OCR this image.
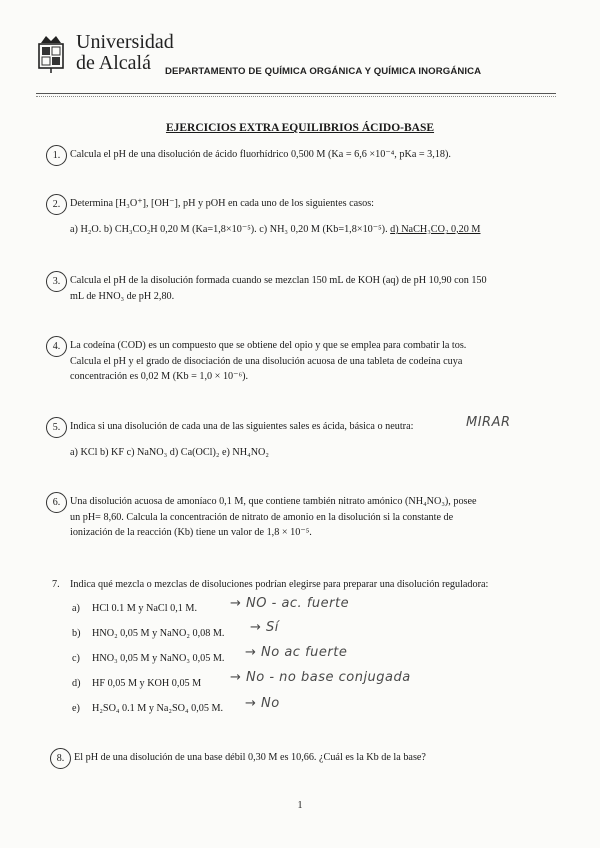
Universidad
de Alcalá	DEPARTAMENTO DE QUÍMICA ORGÁNICA Y QUÍMICA INORGÁNICA
EJERCICIOS EXTRA EQUILIBRIOS ÁCIDO-BASE
1. Calcula el pH de una disolución de ácido fluorhídrico 0,500 M (Ka = 6,6 ×10⁻⁴, pKa = 3,18).
2. Determina [H₃O⁺], [OH⁻], pH y pOH en cada uno de los siguientes casos:
a) H₂O. b) CH₃CO₂H 0,20 M (Ka=1,8×10⁻⁵). c) NH₃ 0,20 M (Kb=1,8×10⁻⁵). d) NaCH₃CO₂ 0,20 M
3. Calcula el pH de la disolución formada cuando se mezclan 150 mL de KOH (aq) de pH 10,90 con 150
mL de HNO₃ de pH 2,80.
4. La codeína (COD) es un compuesto que se obtiene del opio y que se emplea para combatir la tos.
Calcula el pH y el grado de disociación de una disolución acuosa de una tableta de codeína cuya
concentración es 0,02 M (Kb = 1,0 × 10⁻⁶).
5. Indica si una disolución de cada una de las siguientes sales es ácida, básica o neutra:	MIRAR
a) KCl b) KF c) NaNO₃ d) Ca(OCl)₂ e) NH₄NO₂
6. Una disolución acuosa de amoníaco 0,1 M, que contiene también nitrato amónico (NH₄NO₃), posee
un pH= 8,60. Calcula la concentración de nitrato de amonio en la disolución si la constante de
ionización de la reacción (Kb) tiene un valor de 1,8 × 10⁻⁵.
7. Indica qué mezcla o mezclas de disoluciones podrían elegirse para preparar una disolución reguladora:
a) HCl 0.1 M y NaCl 0,1 M.	→ NO - ac. fuerte
b) HNO₂ 0,05 M y NaNO₂ 0,08 M. → Sí
c) HNO₃ 0,05 M y NaNO₃ 0,05 M. → No ac fuerte
d) HF 0,05 M y KOH 0,05 M → No - no base conjugada
e) H₂SO₄ 0.1 M y Na₂SO₄ 0,05 M. → No
8. El pH de una disolución de una base débil 0,30 M es 10,66. ¿Cuál es la Kb de la base?
1
